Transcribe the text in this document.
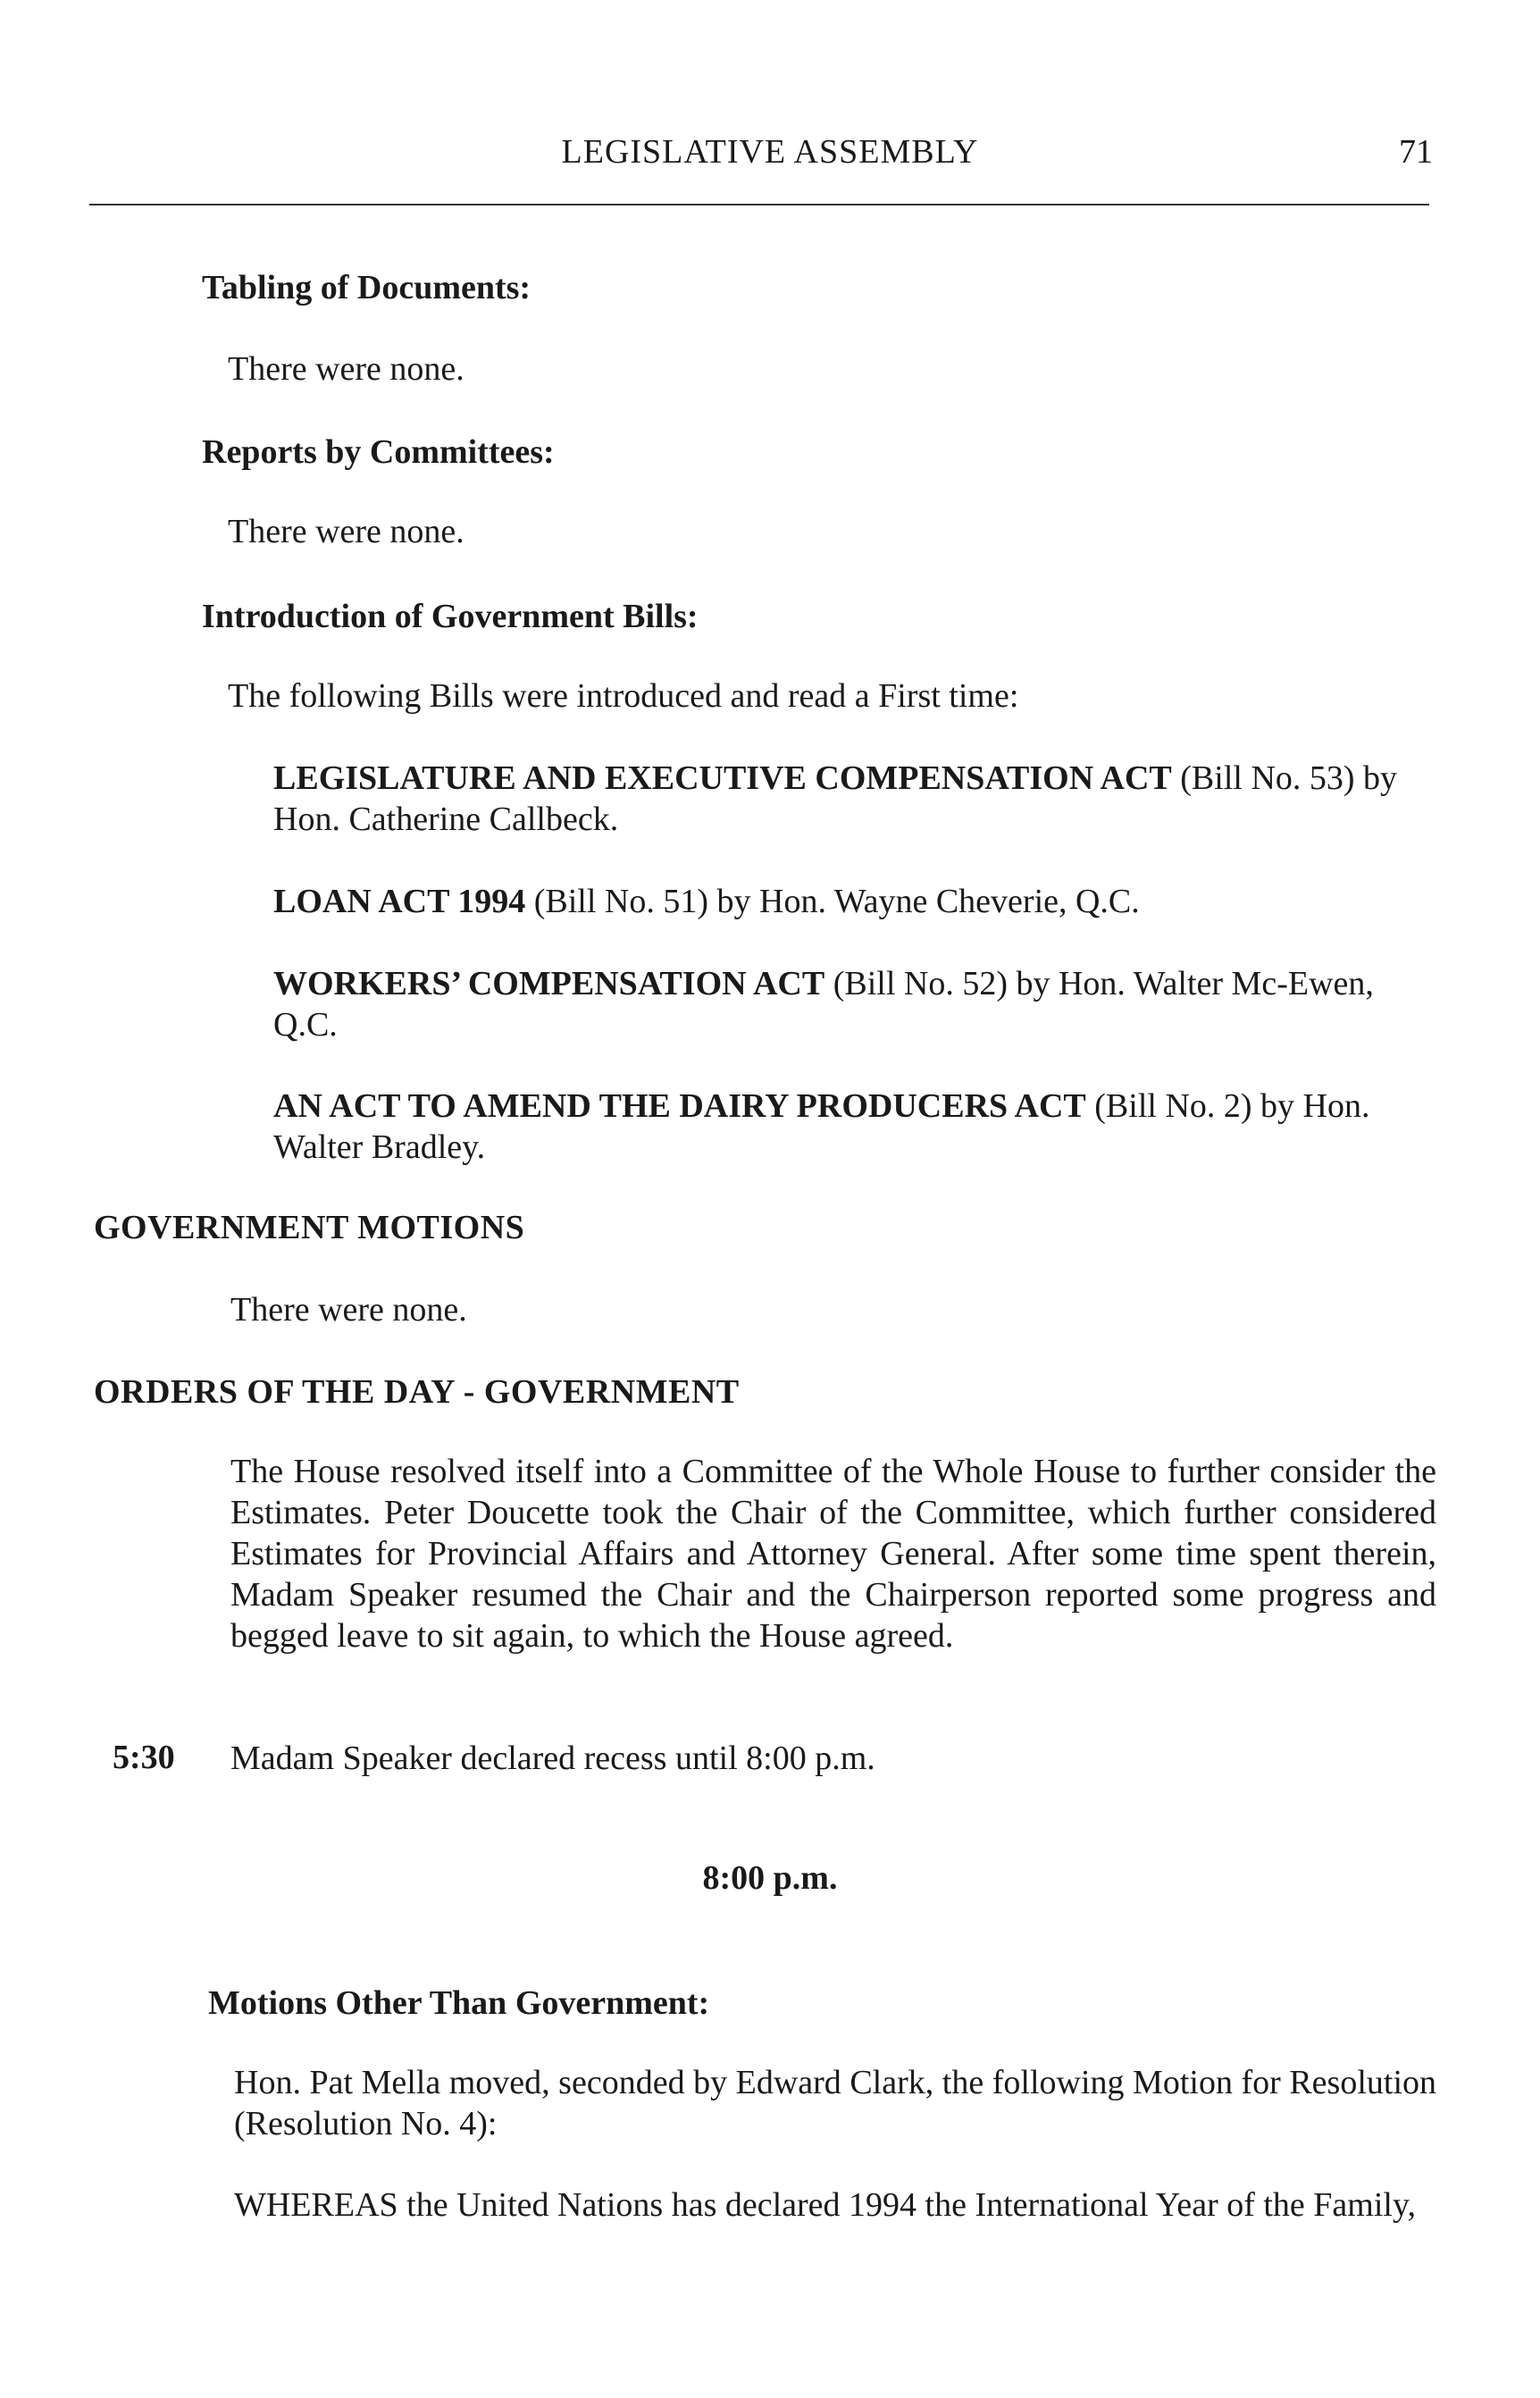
LEGISLATIVE ASSEMBLY	71
Tabling of Documents:
There were none.
Reports by Committees:
There were none.
Introduction of Government Bills:
The following Bills were introduced and read a First time:
LEGISLATURE AND EXECUTIVE COMPENSATION ACT (Bill No. 53) by Hon. Catherine Callbeck.
LOAN ACT 1994 (Bill No. 51) by Hon. Wayne Cheverie, Q.C.
WORKERS’ COMPENSATION ACT (Bill No. 52) by Hon. Walter Mc-Ewen, Q.C.
AN ACT TO AMEND THE DAIRY PRODUCERS ACT (Bill No. 2) by Hon. Walter Bradley.
GOVERNMENT MOTIONS
There were none.
ORDERS OF THE DAY - GOVERNMENT
The House resolved itself into a Committee of the Whole House to further consider the Estimates. Peter Doucette took the Chair of the Committee, which further considered Estimates for Provincial Affairs and Attorney General. After some time spent therein, Madam Speaker resumed the Chair and the Chairperson reported some progress and begged leave to sit again, to which the House agreed.
5:30 Madam Speaker declared recess until 8:00 p.m.
8:00 p.m.
Motions Other Than Government:
Hon. Pat Mella moved, seconded by Edward Clark, the following Motion for Resolution (Resolution No. 4):
WHEREAS the United Nations has declared 1994 the International Year of the Family,
